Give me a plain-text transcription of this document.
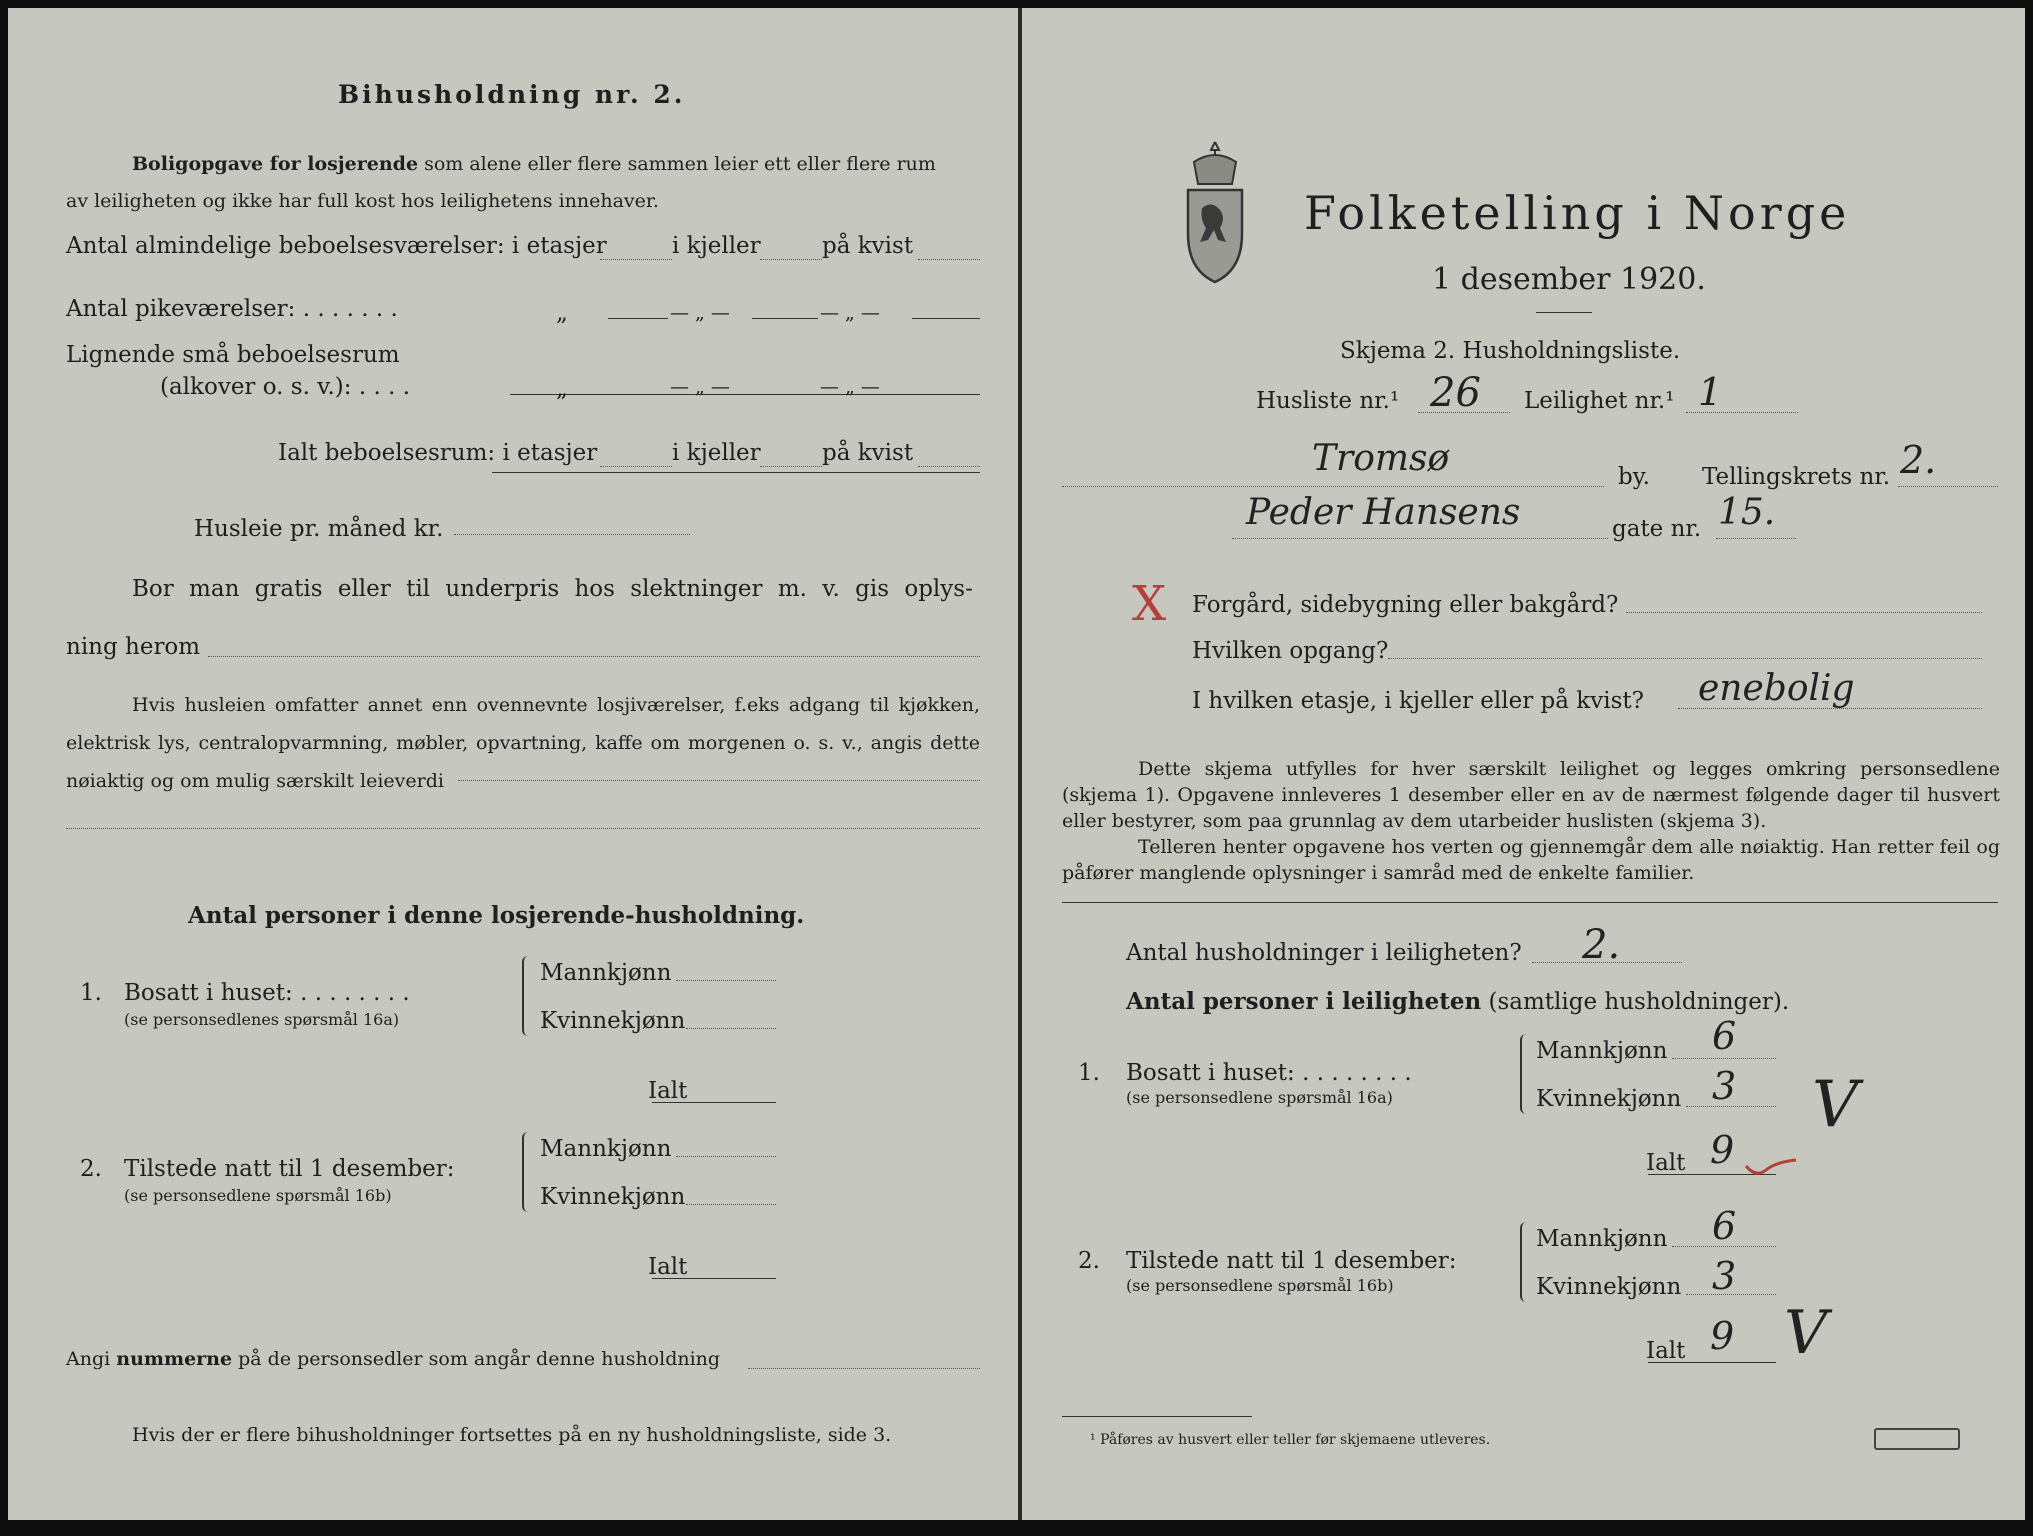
Bihusholdning nr. 2.
Boligopgave for losjerende som alene eller flere sammen leier ett eller flere rum
av leiligheten og ikke har full kost hos leilighetens innehaver.
Antal almindelige beboelsesværelser: i etasjer	i kjeller	på kvist
Antal pikeværelser: . . . . . . .	„	— „ —	— „ —
Lignende små beboelsesrum
(alkover o. s. v.): . . . .	„	— „ —	— „ —
Ialt beboelsesrum: i etasjer	i kjeller	på kvist
Husleie pr. måned kr.
Bor man gratis eller til underpris hos slektninger m. v. gis oplys-
ning herom
Hvis husleien omfatter annet enn ovennevnte losjiværelser, f.eks adgang til kjøkken, elektrisk lys, centralopvarmning, møbler, opvartning, kaffe om morgenen o. s. v., angis dette nøiaktig og om mulig særskilt leieverdi
Antal personer i denne losjerende-husholdning.
1. Bosatt i huset: . . . . . . . .
(se personsedlenes spørsmål 16a)
Mannkjønn
Kvinnekjønn
Ialt
2. Tilstede natt til 1 desember:
(se personsedlene spørsmål 16b)
Mannkjønn
Kvinnekjønn
Ialt
Angi nummerne på de personsedler som angår denne husholdning
Hvis der er flere bihusholdninger fortsettes på en ny husholdningsliste, side 3.
Folketelling i Norge
1 desember 1920.
Skjema 2. Husholdningsliste.
Husliste nr.¹ 26 Leilighet nr.¹ 1
Tromsø	by. Tellingskrets nr. 2.
Peder Hansens	gate nr. 15.
X Forgård, sidebygning eller bakgård?
Hvilken opgang?
I hvilken etasje, i kjeller eller på kvist? enebolig
Dette skjema utfylles for hver særskilt leilighet og legges omkring personsedlene (skjema 1). Opgavene innleveres 1 desember eller en av de nærmest følgende dager til husvert eller bestyrer, som paa grunnlag av dem utarbeider huslisten (skjema 3).
Telleren henter opgavene hos verten og gjennemgår dem alle nøiaktig. Han retter feil og påfører manglende oplysninger i samråd med de enkelte familier.
Antal husholdninger i leiligheten? 2.
Antal personer i leiligheten (samtlige husholdninger).
1. Bosatt i huset: . . . . . . . .
(se personsedlene spørsmål 16a)
Mannkjønn 6
Kvinnekjønn 3 V
Ialt 9
2. Tilstede natt til 1 desember:
(se personsedlene spørsmål 16b)
Mannkjønn 6
Kvinnekjønn 3
Ialt 9 V
¹ Påføres av husvert eller teller før skjemaene utleveres.
